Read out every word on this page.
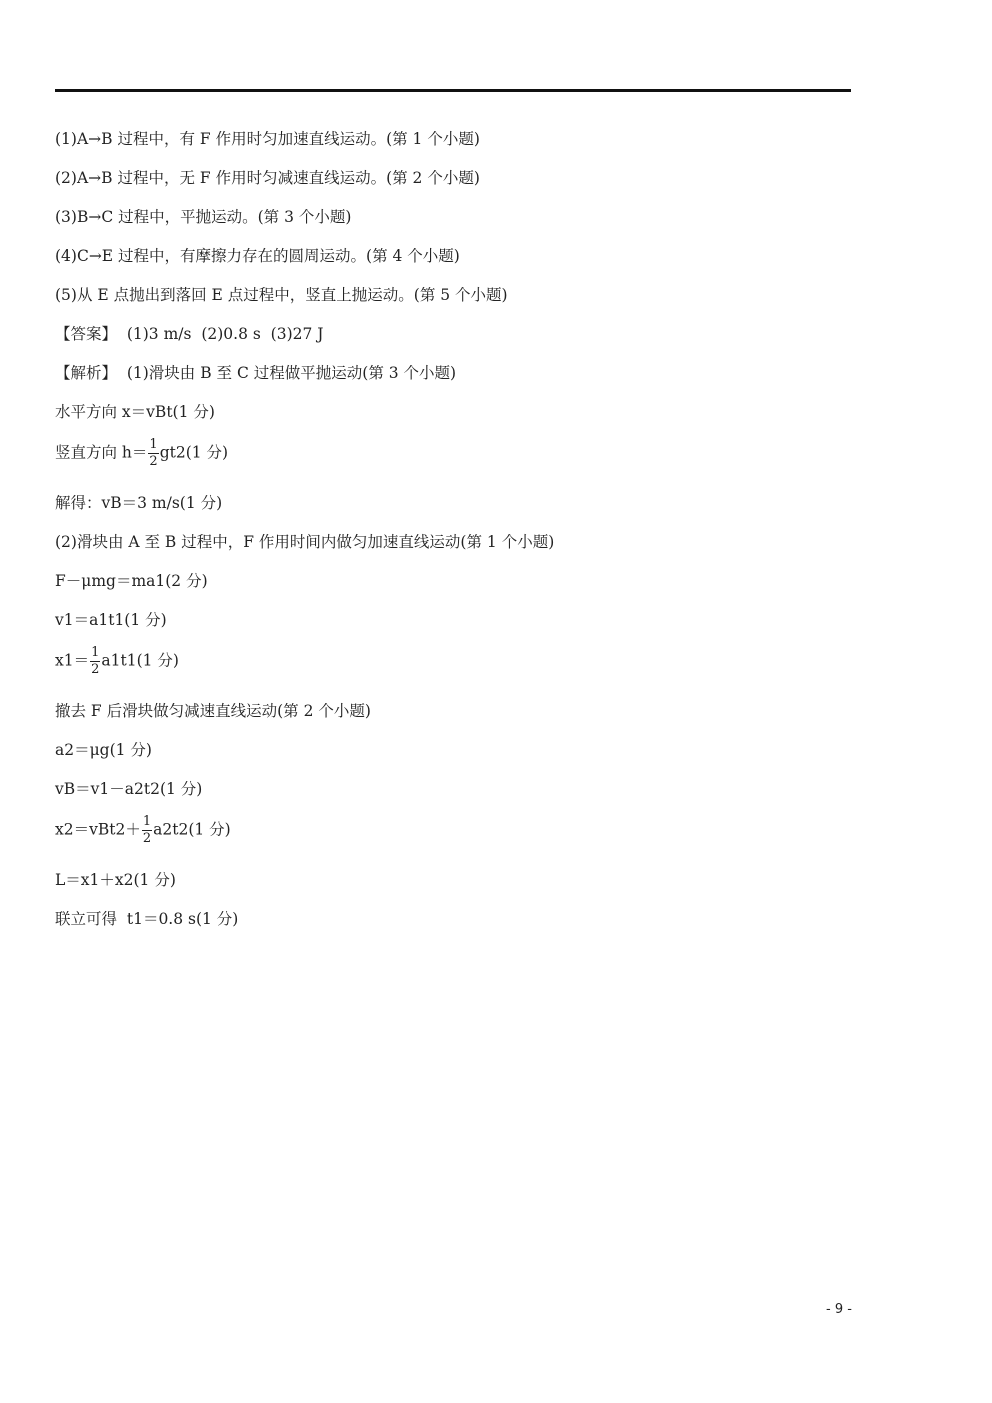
(1)A→B 过程中，有 F 作用时匀加速直线运动。(第 1 个小题)
(2)A→B 过程中，无 F 作用时匀减速直线运动。(第 2 个小题)
(3)B→C 过程中，平抛运动。(第 3 个小题)
(4)C→E 过程中，有摩擦力存在的圆周运动。(第 4 个小题)
(5)从 E 点抛出到落回 E 点过程中，竖直上抛运动。(第 5 个小题)
【答案】  (1)3 m/s  (2)0.8 s  (3)27 J
【解析】  (1)滑块由 B 至 C 过程做平抛运动(第 3 个小题)
水平方向 x＝vBt(1 分)
竖直方向 $h= \frac{1}{2} gt2(1$ 分)
解得：vB＝3 m/s(1 分)
(2)滑块由 A 至 B 过程中，F 作用时间内做匀加速直线运动(第 1 个小题)
F－μmg＝ma1(2 分)
v1＝a1t1(1 分)
$x1= \frac{1}{2} a1t1(1$ 分)
撤去 F 后滑块做匀减速直线运动(第 2 个小题)
a2＝μg(1 分)
vB＝v1－a2t2(1 分)
$x2=vBt2+ \frac{1}{2} a2t2(1$ 分)
L＝x1＋x2(1 分)
联立可得  t1＝0.8 s(1 分)
- 9 -
